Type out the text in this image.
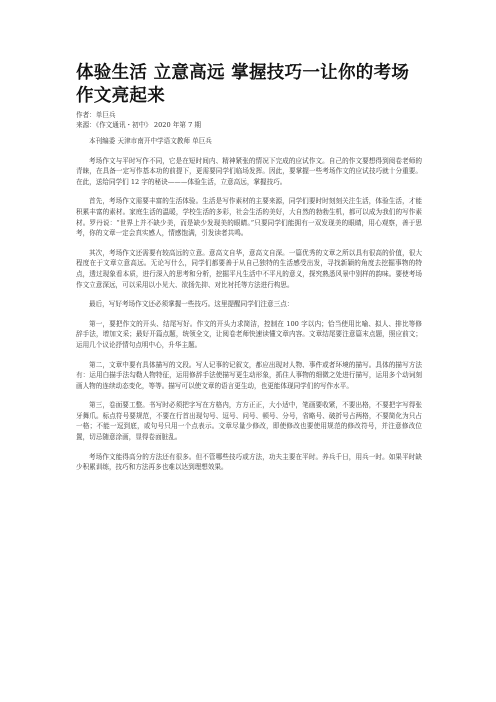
体验生活 立意高远 掌握技巧一让你的考场作文亮起来

作者：单巨兵

来源：《作文通讯・初中》 2020 年第 7 期

本刊编委 天津市南开中学语文教师 单巨兵

考场作文与平时写作不同，它是在短时间内、精神紧张的情况下完成的应试作文。自己的作文要想得到阅卷老师的青睐，在具备一定写作基本功的前提下，更需要同学们临场发挥。因此，要掌握一些考场作文的应试技巧就十分重要。在此，送给同学们 12 字的秘诀———体验生活，立意高远，掌握技巧。

首先，考场作文需要丰富的生活体验。生活是写作素材的主要来源，同学们要时时刻刻关注生活，体验生活，才能积累丰富的素材。家庭生活的温暖，学校生活的多彩，社会生活的美好，大自然的勃勃生机，都可以成为我们的写作素材。罗丹说：“世界上并不缺少美，而是缺少发现美的眼睛。”只要同学们能拥有一双发现美的眼睛，用心观察，善于思考，你的文章一定会真实感人，情感饱满，引发读者共鸣。

其次，考场作文还需要有较高远的立意。意高文自华，意高文自深。一篇优秀的文章之所以具有很高的价值，很大程度在于文章立意高远。无论写什么，同学们都要善于从自己独特的生活感受出发，寻找新颖的角度去挖掘事物的特点，透过现象看本质，进行深入的思考和分析，挖掘平凡生活中不平凡的意义，探究熟悉风景中别样的韵味。要使考场作文立意深远，可以采用以小见大、欲扬先抑、对比衬托等方法进行构思。

最后，写好考场作文还必须掌握一些技巧。这里提醒同学们注意三点：

第一，要把作文的开头、结尾写好。作文的开头力求简洁，控制在 100 字以内；恰当使用比喻、拟人、排比等修辞手法，增加文采；最好开篇点题，统领全文，让阅卷老师快速读懂文章内容。文章结尾要注意篇末点题，照应前文；运用几个议论抒情句点明中心，升华主题。

第二，文章中要有具体描写的文段。写人记事的记叙文，都应出现对人物、事件或者环境的描写。具体的描写方法有：运用白描手法勾勒人物特征，运用修辞手法使描写更生动形象，抓住人事物的细微之处进行描写，运用多个动词刻画人物的连续动态变化，等等。描写可以使文章的语言更生动，也更能体现同学们的写作水平。

第三，卷面要工整。书写时必须把字写在方格内，方方正正，大小适中，笔画要收紧，不要出格，不要把字写得张牙舞爪。标点符号要规范，不要在行首出现句号、逗号、问号、顿号、分号，省略号、破折号占两格，不要简化为只占一格；不能一逗到底，或句号只用一个点表示。文章尽量少修改，即使修改也要使用规范的修改符号，并注意修改位置，切忌随意涂画，显得卷面脏乱。

考场作文能得高分的方法还有很多。但不管哪些技巧或方法，功夫主要在平时。养兵千日，用兵一时。如果平时缺少积累训练，技巧和方法再多也难以达到理想效果。
